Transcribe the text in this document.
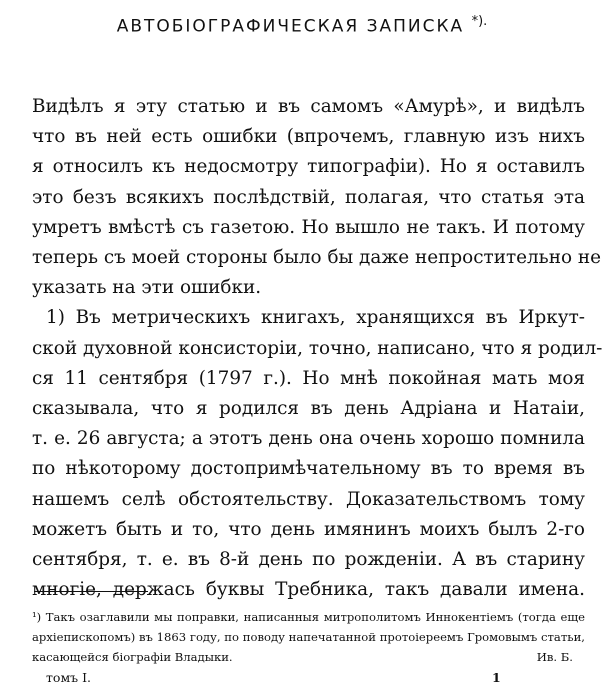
АВТОБІОГРАФИЧЕСКАЯ ЗАПИСКА *).
Видѣлъ я эту статью и въ самомъ «Амурѣ», и видѣлъ
что въ ней есть ошибки (впрочемъ, главную изъ нихъ
я относилъ къ недосмотру типографіи). Но я оставилъ
это безъ всякихъ послѣдствій, полагая, что статья эта
умретъ вмѣстѣ съ газетою. Но вышло не такъ. И потому
теперь съ моей стороны было бы даже непростительно не
указать на эти ошибки.
1) Въ метрическихъ книгахъ, хранящихся въ Иркут-
ской духовной консисторіи, точно, написано, что я родил-
ся 11 сентября (1797 г.). Но мнѣ покойная мать моя
сказывала, что я родился въ день Адріана и Натаіи,
т. е. 26 августа; а этотъ день она очень хорошо помнила
по нѣкоторому достопримѣчательному въ то время въ
нашемъ селѣ обстоятельству. Доказательствомъ тому
можетъ быть и то, что день имянинъ моихъ былъ 2-го
сентября, т. е. въ 8-й день по рожденіи. А въ старину
многіе, держась буквы Требника, такъ давали имена.
¹) Такъ озаглавили мы поправки, написанныя митрополитомъ Иннокентіемъ (тогда еще
архіепископомъ) въ 1863 году, по поводу напечатанной протоіереемъ Громовымъ статьи,
касающейся біографіи Владыки.	Ив. Б.
томъ I.	1
